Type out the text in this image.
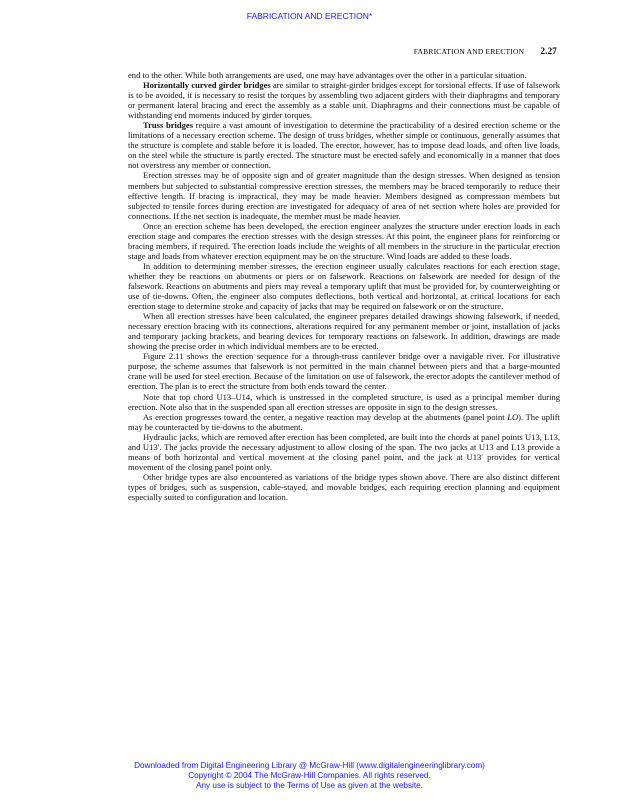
FABRICATION AND ERECTION*
FABRICATION AND ERECTION 2.27

end to the other. While both arrangements are used, one may have advantages over the other in a particular situation.

Horizontally curved girder bridges are similar to straight-girder bridges except for torsional effects. If use of falsework is to be avoided, it is necessary to resist the torques by assembling two adjacent girders with their diaphragms and temporary or permanent lateral bracing and erect the assembly as a stable unit. Diaphragms and their connections must be capable of withstanding end moments induced by girder torques.

Truss bridges require a vast amount of investigation to determine the practicability of a desired erection scheme or the limitations of a necessary erection scheme. The design of truss bridges, whether simple or continuous, generally assumes that the structure is complete and stable before it is loaded. The erector, however, has to impose dead loads, and often live loads, on the steel while the structure is partly erected. The structure must be erected safely and economically in a manner that does not overstress any member or connection.

Erection stresses may be of opposite sign and of greater magnitude than the design stresses. When designed as tension members but subjected to substantial compressive erection stresses, the members may be braced temporarily to reduce their effective length. If bracing is impractical, they may be made heavier. Members designed as compression members but subjected to tensile forces during erection are investigated for adequacy of area of net section where holes are provided for connections. If the net section is inadequate, the member must be made heavier.

Once an erection scheme has been developed, the erection engineer analyzes the structure under erection loads in each erection stage and compares the erection stresses with the design stresses. At this point, the engineer plans for reinforcing or bracing members, if required. The erection loads include the weights of all members in the structure in the particular erection stage and loads from whatever erection equipment may be on the structure. Wind loads are added to these loads.

In addition to determining member stresses, the erection engineer usually calculates reactions for each erection stage, whether they be reactions on abutments or piers or on falsework. Reactions on falsework are needed for design of the falsework. Reactions on abutments and piers may reveal a temporary uplift that must be provided for, by counterweighting or use of tie-downs. Often, the engineer also computes deflections, both vertical and horizontal, at critical locations for each erection stage to determine stroke and capacity of jacks that may be required on falsework or on the structure.

When all erection stresses have been calculated, the engineer prepares detailed drawings showing falsework, if needed, necessary erection bracing with its connections, alterations required for any permanent member or joint, installation of jacks and temporary jacking brackets, and bearing devices for temporary reactions on falsework. In addition, drawings are made showing the precise order in which individual members are to be erected.

Figure 2.11 shows the erection sequence for a through-truss cantilever bridge over a navigable river. For illustrative purpose, the scheme assumes that falsework is not permitted in the main channel between piers and that a barge-mounted crane will be used for steel erection. Because of the limitation on use of falsework, the erector adopts the cantilever method of erection. The plan is to erect the structure from both ends toward the center.

Note that top chord U13–U14, which is unstressed in the completed structure, is used as a principal member during erection. Note also that in the suspended span all erection stresses are opposite in sign to the design stresses.

As erection progresses toward the center, a negative reaction may develop at the abutments (panel point LO). The uplift may be counteracted by tie-downs to the abutment.

Hydraulic jacks, which are removed after erection has been completed, are built into the chords at panel points U13, L13, and U13′. The jacks provide the necessary adjustment to allow closing of the span. The two jacks at U13 and L13 provide a means of both horizontal and vertical movement at the closing panel point, and the jack at U13′ provides for vertical movement of the closing panel point only.

Other bridge types are also encountered as variations of the bridge types shown above. There are also distinct different types of bridges, such as suspension, cable-stayed, and movable bridges, each requiring erection planning and equipment especially suited to configuration and location.

Downloaded from Digital Engineering Library @ McGraw-Hill (www.digitalengineeringlibrary.com)
Copyright © 2004 The McGraw-Hill Companies. All rights reserved.
Any use is subject to the Terms of Use as given at the website.
